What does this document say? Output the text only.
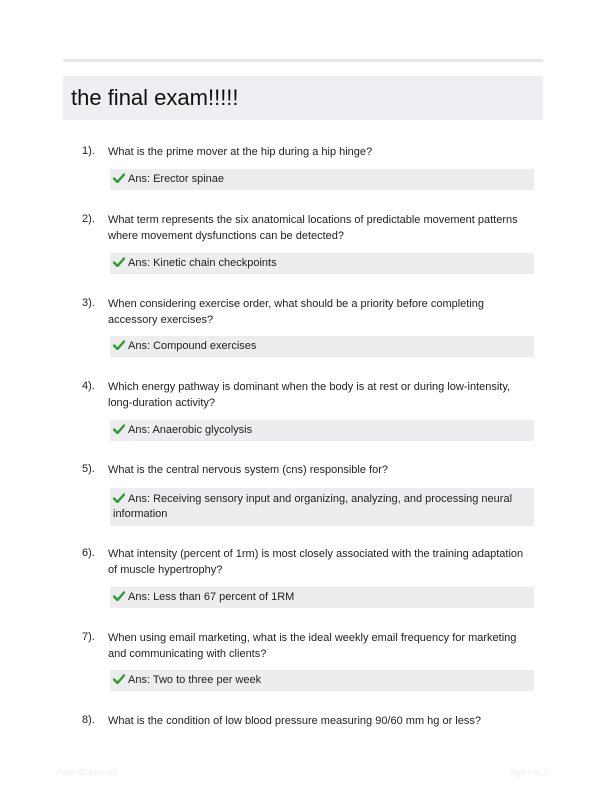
the final exam!!!!!
1). What is the prime mover at the hip during a hip hinge?
Ans: Erector spinae
2). What term represents the six anatomical locations of predictable movement patterns where movement dysfunctions can be detected?
Ans: Kinetic chain checkpoints
3). When considering exercise order, what should be a priority before completing accessory exercises?
Ans: Compound exercises
4). Which energy pathway is dominant when the body is at rest or during low-intensity, long-duration activity?
Ans: Anaerobic glycolysis
5). What is the central nervous system (cns) responsible for?
Ans: Receiving sensory input and organizing, analyzing, and processing neural information
6). What intensity (percent of 1rm) is most closely associated with the training adaptation of muscle hypertrophy?
Ans: Less than 67 percent of 1RM
7). When using email marketing, what is the ideal weekly email frequency for marketing and communicating with clients?
Ans: Two to three per week
8). What is the condition of low blood pressure measuring 90/60 mm hg or less?
PaperStripe.com	Page 1 of 22
